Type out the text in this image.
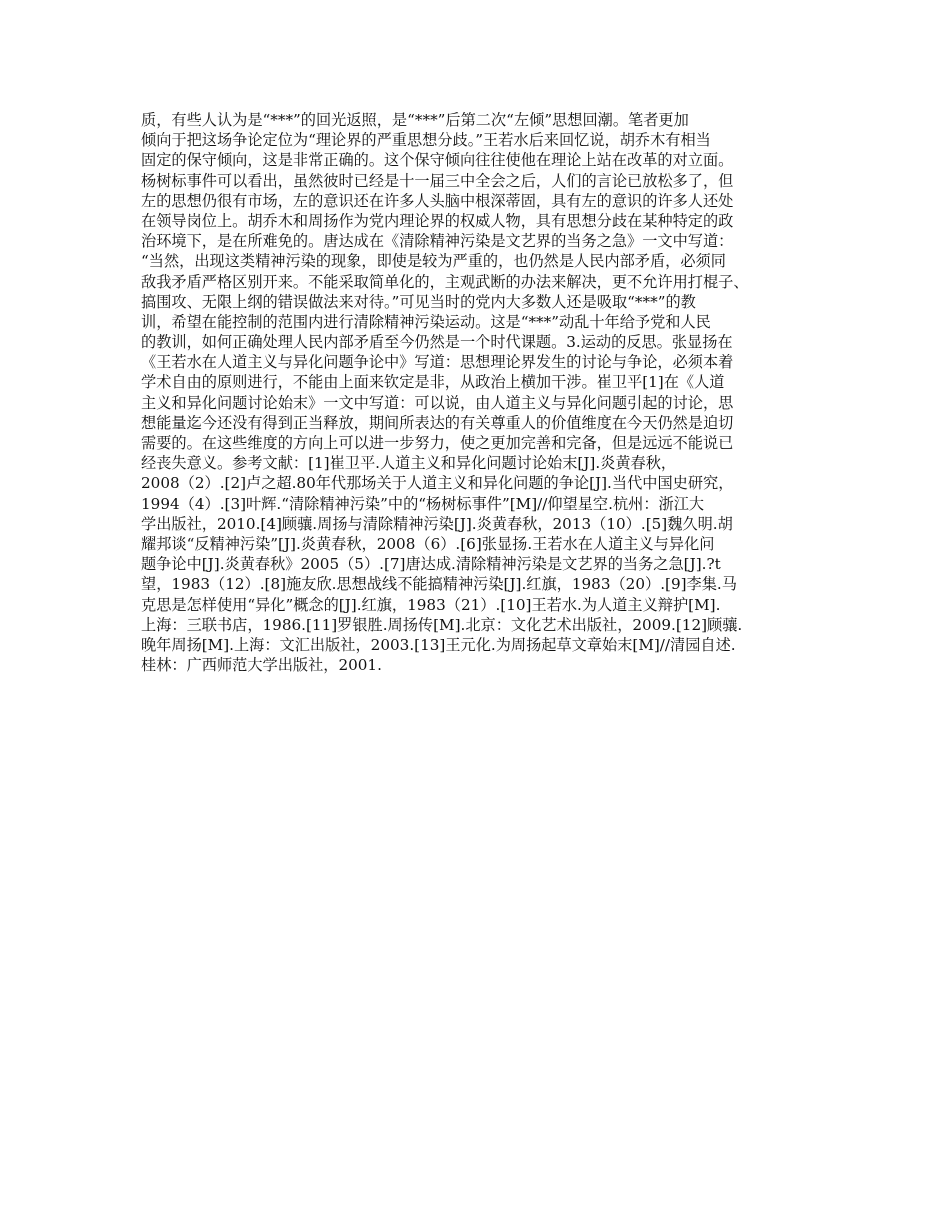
质，有些人认为是“***”的回光返照，是“***”后第二次“左倾”思想回潮。笔者更加
倾向于把这场争论定位为“理论界的严重思想分歧。”王若水后来回忆说，胡乔木有相当
固定的保守倾向，这是非常正确的。这个保守倾向往往使他在理论上站在改革的对立面。
杨树标事件可以看出，虽然彼时已经是十一届三中全会之后，人们的言论已放松多了，但
左的思想仍很有市场，左的意识还在许多人头脑中根深蒂固，具有左的意识的许多人还处
在领导岗位上。胡乔木和周扬作为党内理论界的权威人物，具有思想分歧在某种特定的政
治环境下，是在所难免的。唐达成在《清除精神污染是文艺界的当务之急》一文中写道：
“当然，出现这类精神污染的现象，即使是较为严重的，也仍然是人民内部矛盾，必须同
敌我矛盾严格区别开来。不能采取简单化的，主观武断的办法来解决，更不允许用打棍子、
搞围攻、无限上纲的错误做法来对待。”可见当时的党内大多数人还是吸取“***”的教
训，希望在能控制的范围内进行清除精神污染运动。这是“***”动乱十年给予党和人民
的教训，如何正确处理人民内部矛盾至今仍然是一个时代课题。3.运动的反思。张显扬在
《王若水在人道主义与异化问题争论中》写道：思想理论界发生的讨论与争论，必须本着
学术自由的原则进行，不能由上面来钦定是非，从政治上横加干涉。崔卫平[1]在《人道
主义和异化问题讨论始末》一文中写道：可以说，由人道主义与异化问题引起的讨论，思
想能量迄今还没有得到正当释放，期间所表达的有关尊重人的价值维度在今天仍然是迫切
需要的。在这些维度的方向上可以进一步努力，使之更加完善和完备，但是远远不能说已
经丧失意义。参考文献：[1]崔卫平.人道主义和异化问题讨论始末[J].炎黄春秋，
2008（2）.[2]卢之超.80年代那场关于人道主义和异化问题的争论[J].当代中国史研究，
1994（4）.[3]叶辉.“清除精神污染”中的“杨树标事件”[M]//仰望星空.杭州：浙江大
学出版社，2010.[4]顾骧.周扬与清除精神污染[J].炎黄春秋，2013（10）.[5]魏久明.胡
耀邦谈“反精神污染”[J].炎黄春秋，2008（6）.[6]张显扬.王若水在人道主义与异化问
题争论中[J].炎黄春秋》2005（5）.[7]唐达成.清除精神污染是文艺界的当务之急[J].?t
望，1983（12）.[8]施友欣.思想战线不能搞精神污染[J].红旗，1983（20）.[9]李集.马
克思是怎样使用“异化”概念的[J].红旗，1983（21）.[10]王若水.为人道主义辩护[M].
上海：三联书店，1986.[11]罗银胜.周扬传[M].北京：文化艺术出版社，2009.[12]顾骧.
晚年周扬[M].上海：文汇出版社，2003.[13]王元化.为周扬起草文章始末[M]//清园自述.
桂林：广西师范大学出版社，2001.
